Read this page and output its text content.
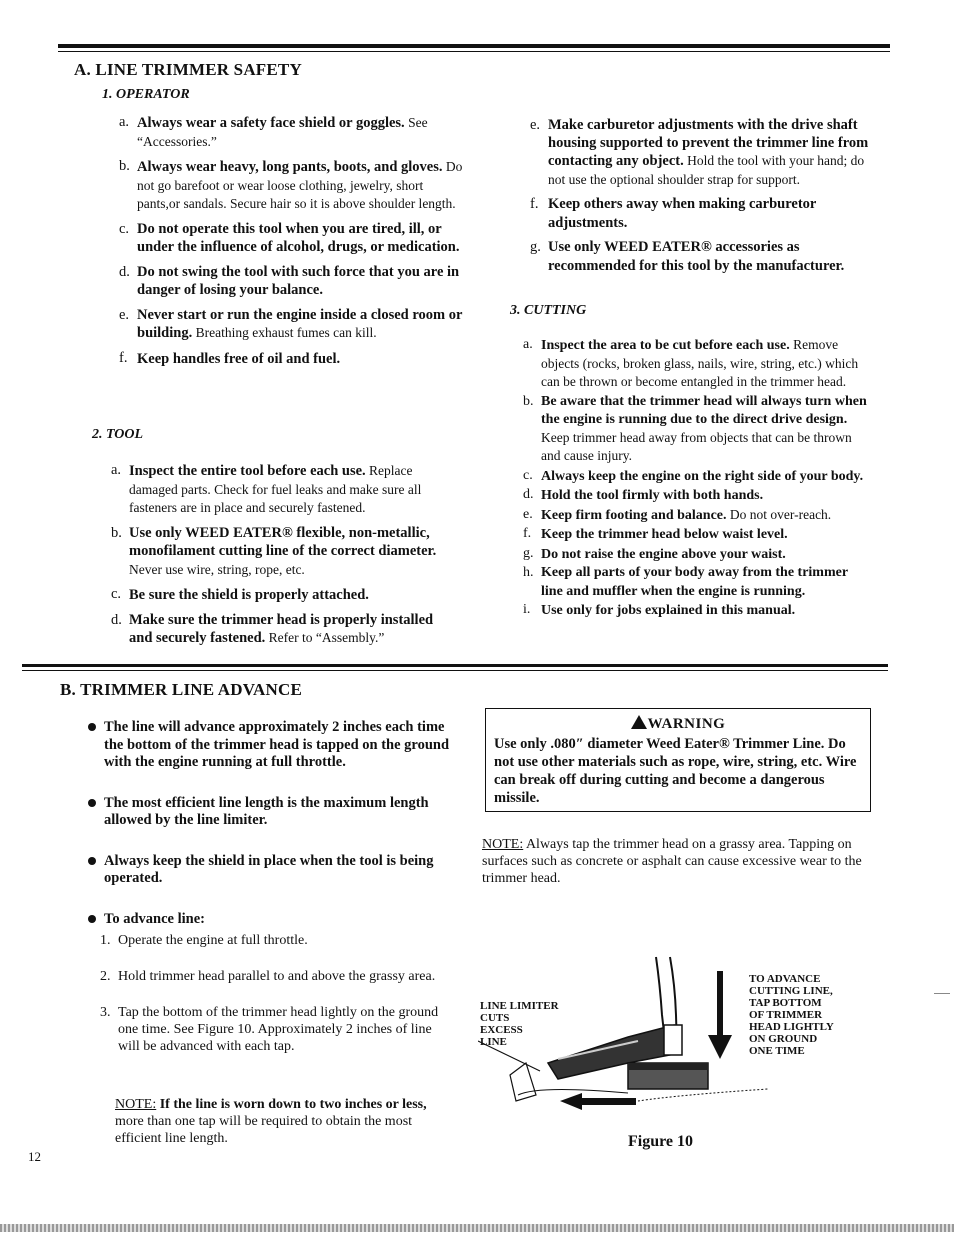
A. LINE TRIMMER SAFETY
1. OPERATOR
a. Always wear a safety face shield or goggles. See “Accessories.”
b. Always wear heavy, long pants, boots, and gloves. Do not go barefoot or wear loose clothing, jewelry, short pants,or sandals. Secure hair so it is above shoulder length.
c. Do not operate this tool when you are tired, ill, or under the influence of alcohol, drugs, or medication.
d. Do not swing the tool with such force that you are in danger of losing your balance.
e. Never start or run the engine inside a closed room or building. Breathing exhaust fumes can kill.
f. Keep handles free of oil and fuel.
2. TOOL
a. Inspect the entire tool before each use. Replace damaged parts. Check for fuel leaks and make sure all fasteners are in place and securely fastened.
b. Use only WEED EATER® flexible, non-metallic, monofilament cutting line of the correct diameter. Never use wire, string, rope, etc.
c. Be sure the shield is properly attached.
d. Make sure the trimmer head is properly installed and securely fastened. Refer to “Assembly.”
e. Make carburetor adjustments with the drive shaft housing supported to prevent the trimmer line from contacting any object. Hold the tool with your hand; do not use the optional shoulder strap for support.
f. Keep others away when making carburetor adjustments.
g. Use only WEED EATER® accessories as recommended for this tool by the manufacturer.
3. CUTTING
a. Inspect the area to be cut before each use. Remove objects (rocks, broken glass, nails, wire, string, etc.) which can be thrown or become entangled in the trimmer head.
b. Be aware that the trimmer head will always turn when the engine is running due to the direct drive design. Keep trimmer head away from objects that can be thrown and cause injury.
c. Always keep the engine on the right side of your body.
d. Hold the tool firmly with both hands.
e. Keep firm footing and balance. Do not over-reach.
f. Keep the trimmer head below waist level.
g. Do not raise the engine above your waist.
h. Keep all parts of your body away from the trimmer line and muffler when the engine is running.
i. Use only for jobs explained in this manual.
B. TRIMMER LINE ADVANCE
The line will advance approximately 2 inches each time the bottom of the trimmer head is tapped on the ground with the engine running at full throttle.
The most efficient line length is the maximum length allowed by the line limiter.
Always keep the shield in place when the tool is being operated.
To advance line:
1. Operate the engine at full throttle.
2. Hold trimmer head parallel to and above the grassy area.
3. Tap the bottom of the trimmer head lightly on the ground one time. See Figure 10. Approximately 2 inches of line will be advanced with each tap.
NOTE: If the line is worn down to two inches or less, more than one tap will be required to obtain the most efficient line length.
WARNING
Use only .080″ diameter Weed Eater® Trimmer Line. Do not use other materials such as rope, wire, string, etc. Wire can break off during cutting and become a dangerous missile.
NOTE: Always tap the trimmer head on a grassy area. Tapping on surfaces such as concrete or asphalt can cause excessive wear to the trimmer head.
LINE LIMITER
CUTS
EXCESS
LINE
TO ADVANCE
CUTTING LINE,
TAP BOTTOM
OF TRIMMER
HEAD LIGHTLY
ON GROUND
ONE TIME
Figure 10
12
